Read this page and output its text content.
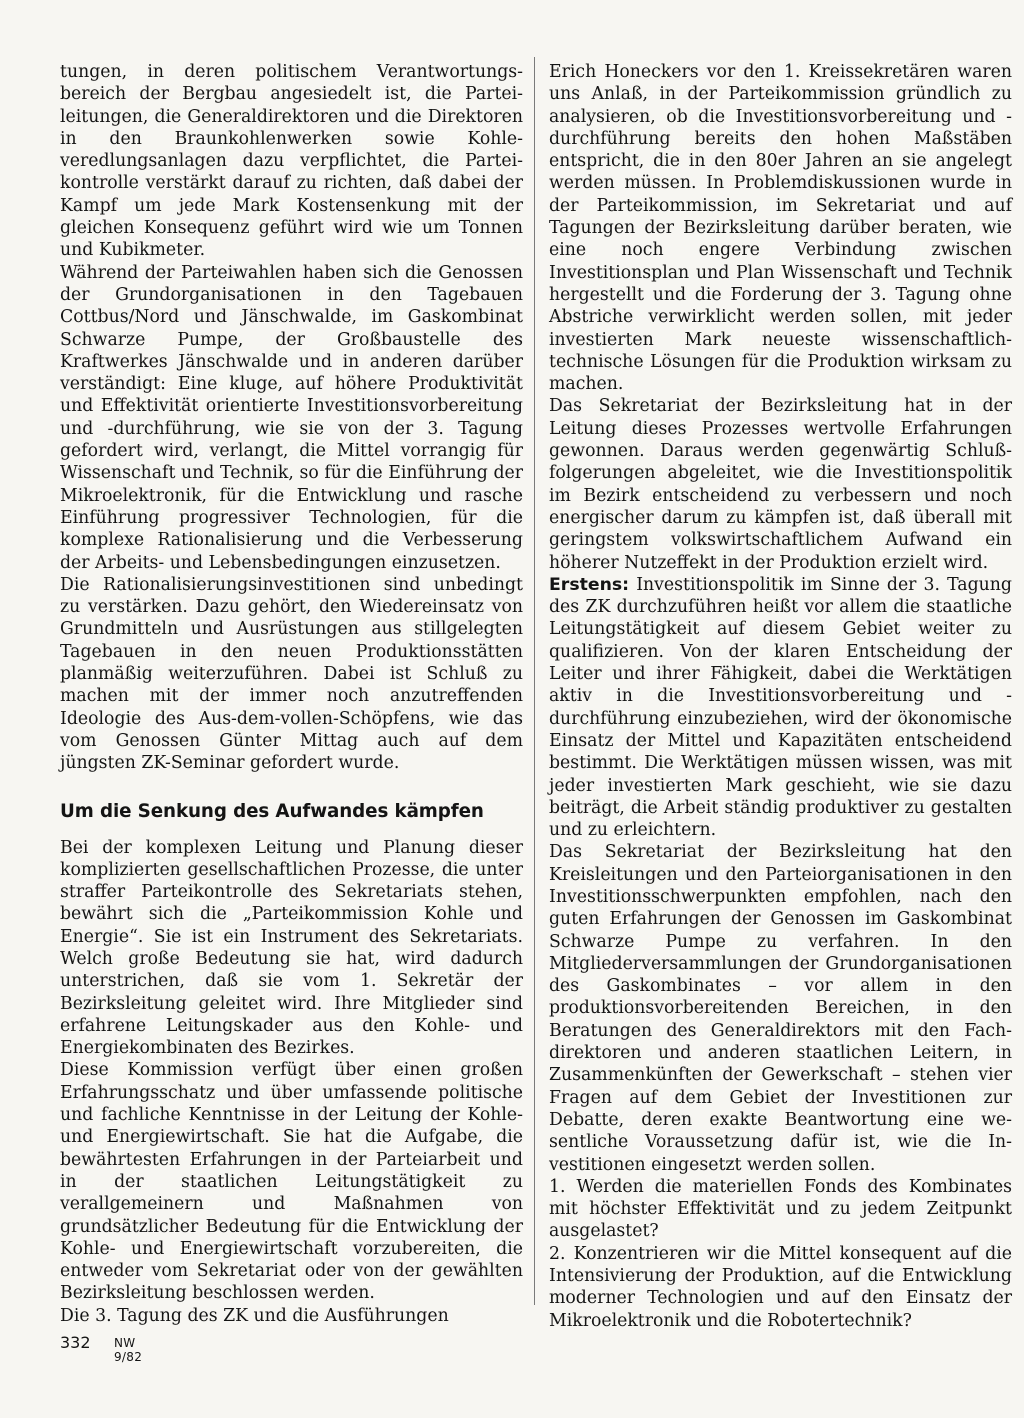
tungen, in deren politischem Verantwortungsbereich der Bergbau angesiedelt ist, die Parteileitungen, die Generaldirektoren und die Direktoren in den Braunkohlenwerken sowie Kohleveredlungsanlagen dazu verpflichtet, die Parteikontrolle verstärkt darauf zu richten, daß dabei der Kampf um jede Mark Kostensenkung mit der gleichen Konsequenz geführt wird wie um Tonnen und Kubikmeter.

Während der Parteiwahlen haben sich die Genossen der Grundorganisationen in den Tagebauen Cottbus/Nord und Jänschwalde, im Gaskombinat Schwarze Pumpe, der Großbaustelle des Kraftwerkes Jänschwalde und in anderen darüber verständigt: Eine kluge, auf höhere Produktivität und Effektivität orientierte Investitionsvorbereitung und -durchführung, wie sie von der 3. Tagung gefordert wird, verlangt, die Mittel vorrangig für Wissenschaft und Technik, so für die Einführung der Mikroelektronik, für die Entwicklung und rasche Einführung progressiver Technologien, für die komplexe Rationalisierung und die Verbesserung der Arbeits- und Lebensbedingungen einzusetzen.

Die Rationalisierungsinvestitionen sind unbedingt zu verstärken. Dazu gehört, den Wiedereinsatz von Grundmitteln und Ausrüstungen aus stillgelegten Tagebauen in den neuen Produktionsstätten planmäßig weiterzuführen. Dabei ist Schluß zu machen mit der immer noch anzutreffenden Ideologie des Aus-dem-vollen-Schöpfens, wie das vom Genossen Günter Mittag auch auf dem jüngsten ZK-Seminar gefordert wurde.

Um die Senkung des Aufwandes kämpfen

Bei der komplexen Leitung und Planung dieser komplizierten gesellschaftlichen Prozesse, die unter straffer Parteikontrolle des Sekretariats stehen, bewährt sich die „Parteikommission Kohle und Energie“. Sie ist ein Instrument des Sekretariats. Welch große Bedeutung sie hat, wird dadurch unterstrichen, daß sie vom 1. Sekretär der Bezirksleitung geleitet wird. Ihre Mitglieder sind erfahrene Leitungskader aus den Kohle- und Energiekombinaten des Bezirkes.

Diese Kommission verfügt über einen großen Erfahrungsschatz und über umfassende politische und fachliche Kenntnisse in der Leitung der Kohle- und Energiewirtschaft. Sie hat die Aufgabe, die bewährtesten Erfahrungen in der Parteiarbeit und in der staatlichen Leitungstätigkeit zu verallgemeinern und Maßnahmen von grundsätzlicher Bedeutung für die Entwicklung der Kohle- und Energiewirtschaft vorzubereiten, die entweder vom Sekretariat oder von der gewählten Bezirksleitung beschlossen werden.

Die 3. Tagung des ZK und die Ausführungen

Erich Honeckers vor den 1. Kreissekretären waren uns Anlaß, in der Parteikommission gründlich zu analysieren, ob die Investitionsvorbereitung und -durchführung bereits den hohen Maßstäben entspricht, die in den 80er Jahren an sie angelegt werden müssen. In Problemdiskussionen wurde in der Parteikommission, im Sekretariat und auf Tagungen der Bezirksleitung darüber beraten, wie eine noch engere Verbindung zwischen Investitionsplan und Plan Wissenschaft und Technik hergestellt und die Forderung der 3. Tagung ohne Abstriche verwirklicht werden sollen, mit jeder investierten Mark neueste wissenschaftlich-technische Lösungen für die Produktion wirksam zu machen.

Das Sekretariat der Bezirksleitung hat in der Leitung dieses Prozesses wertvolle Erfahrungen gewonnen. Daraus werden gegenwärtig Schlußfolgerungen abgeleitet, wie die Investitionspolitik im Bezirk entscheidend zu verbessern und noch energischer darum zu kämpfen ist, daß überall mit geringstem volkswirtschaftlichem Aufwand ein höherer Nutzeffekt in der Produktion erzielt wird.

Erstens: Investitionspolitik im Sinne der 3. Tagung des ZK durchzuführen heißt vor allem die staatliche Leitungstätigkeit auf diesem Gebiet weiter zu qualifizieren. Von der klaren Entscheidung der Leiter und ihrer Fähigkeit, dabei die Werktätigen aktiv in die Investitionsvorbereitung und -durchführung einzubeziehen, wird der ökonomische Einsatz der Mittel und Kapazitäten entscheidend bestimmt. Die Werktätigen müssen wissen, was mit jeder investierten Mark geschieht, wie sie dazu beiträgt, die Arbeit ständig produktiver zu gestalten und zu erleichtern.

Das Sekretariat der Bezirksleitung hat den Kreisleitungen und den Parteiorganisationen in den Investitionsschwerpunkten empfohlen, nach den guten Erfahrungen der Genossen im Gaskombinat Schwarze Pumpe zu verfahren. In den Mitgliederversammlungen der Grundorganisationen des Gaskombinates – vor allem in den produktionsvorbereitenden Bereichen, in den Beratungen des Generaldirektors mit den Fachdirektoren und anderen staatlichen Leitern, in Zusammenkünften der Gewerkschaft – stehen vier Fragen auf dem Gebiet der Investitionen zur Debatte, deren exakte Beantwortung eine wesentliche Voraussetzung dafür ist, wie die Investitionen eingesetzt werden sollen.

1. Werden die materiellen Fonds des Kombinates mit höchster Effektivität und zu jedem Zeitpunkt ausgelastet?

2. Konzentrieren wir die Mittel konsequent auf die Intensivierung der Produktion, auf die Entwicklung moderner Technologien und auf den Einsatz der Mikroelektronik und die Robotertechnik?

332 NW 9/82
